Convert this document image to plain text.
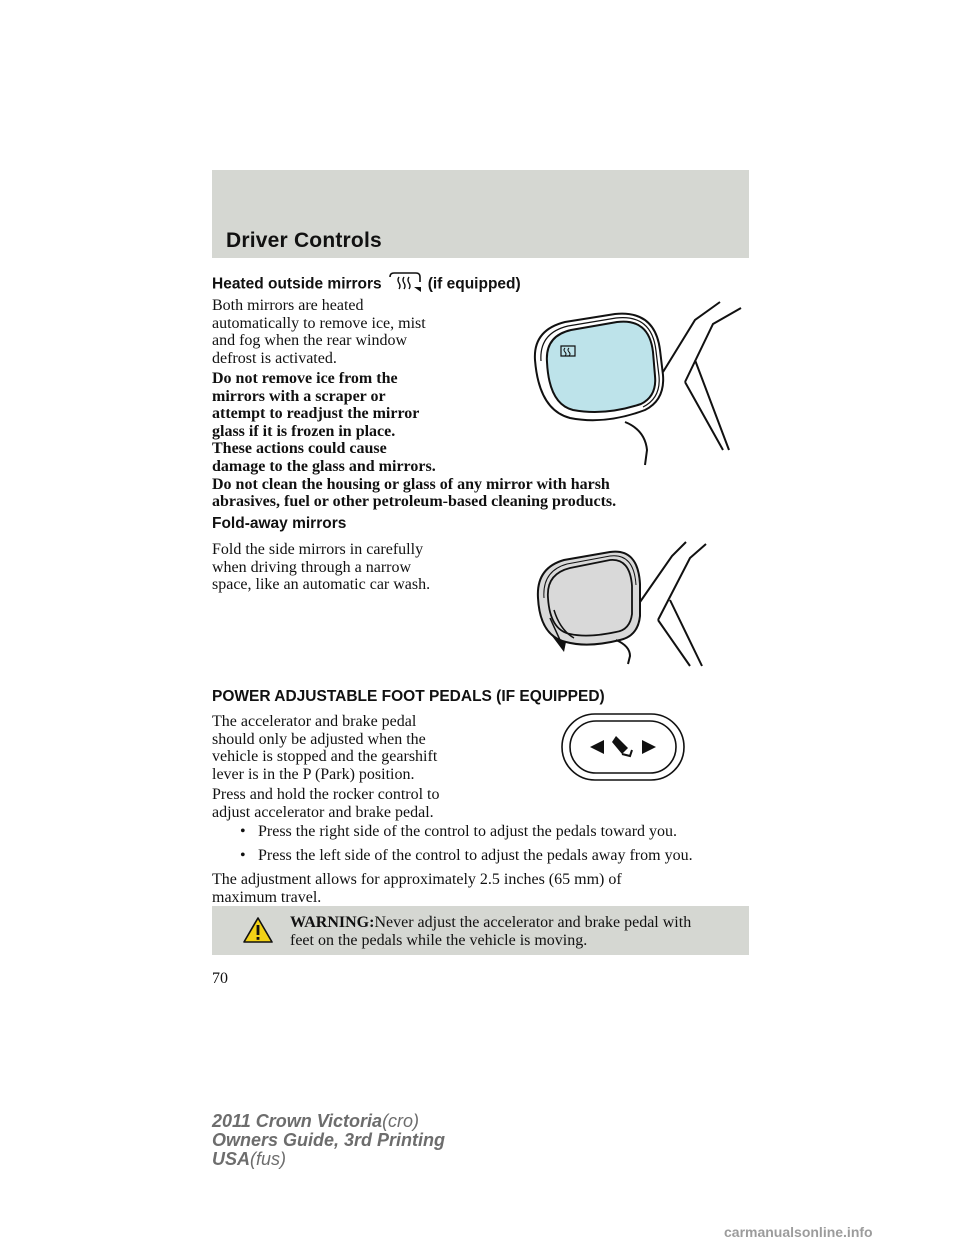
Driver Controls
Heated outside mirrors	(if equipped)
Both mirrors are heated
automatically to remove ice, mist
and fog when the rear window
defrost is activated.
Do not remove ice from the
mirrors with a scraper or
attempt to readjust the mirror
glass if it is frozen in place.
These actions could cause
damage to the glass and mirrors.
Do not clean the housing or glass of any mirror with harsh
abrasives, fuel or other petroleum-based cleaning products.
Fold-away mirrors
Fold the side mirrors in carefully
when driving through a narrow
space, like an automatic car wash.
POWER ADJUSTABLE FOOT PEDALS (IF EQUIPPED)
The accelerator and brake pedal
should only be adjusted when the
vehicle is stopped and the gearshift
lever is in the P (Park) position.
Press and hold the rocker control to
adjust accelerator and brake pedal.
• Press the right side of the control to adjust the pedals toward you.
• Press the left side of the control to adjust the pedals away from you.
The adjustment allows for approximately 2.5 inches (65 mm) of
maximum travel.
WARNING:Never adjust the accelerator and brake pedal with
feet on the pedals while the vehicle is moving.
70
2011 Crown Victoria(cro)
Owners Guide, 3rd Printing
USA(fus)
carmanualsonline.info
